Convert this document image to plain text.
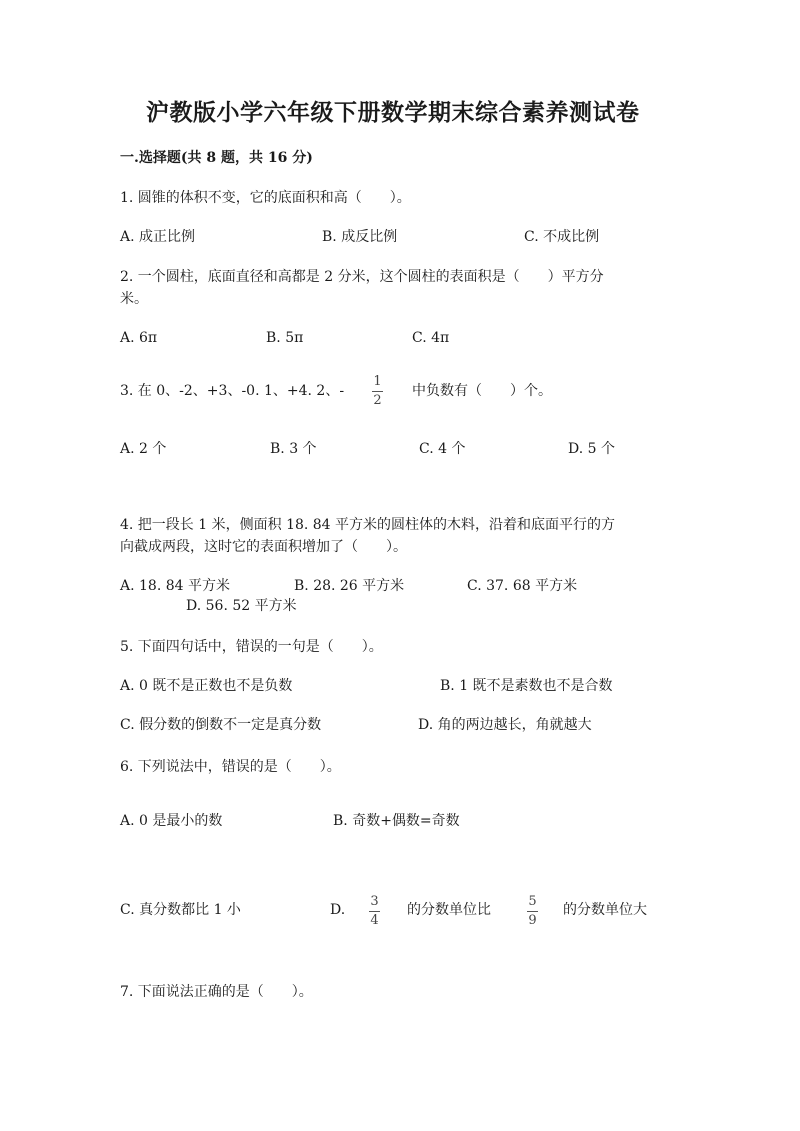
沪教版小学六年级下册数学期末综合素养测试卷
一.选择题(共 8 题，共 16 分)
1. 圆锥的体积不变，它的底面积和高（　　）。
A. 成正比例	B. 成反比例	C. 不成比例
2. 一个圆柱，底面直径和高都是 2 分米，这个圆柱的表面积是（　　）平方分
米。
A. 6π	B. 5π	C. 4π
3. 在 0、-2、+3、-0. 1、+4. 2、-
1
2
中负数有（　　）个。
A. 2 个	B. 3 个	C. 4 个	D. 5 个
4. 把一段长 1 米，侧面积 18. 84 平方米的圆柱体的木料，沿着和底面平行的方
向截成两段，这时它的表面积增加了（　　）。
A. 18. 84 平方米	B. 28. 26 平方米	C. 37. 68 平方米
D. 56. 52 平方米
5. 下面四句话中，错误的一句是（　　）。
A. 0 既不是正数也不是负数	B. 1 既不是素数也不是合数
C. 假分数的倒数不一定是真分数	D. 角的两边越长，角就越大
6. 下列说法中，错误的是（　　）。
A. 0 是最小的数	B. 奇数+偶数=奇数
C. 真分数都比 1 小	D.
3
4
的分数单位比
5
9
的分数单位大
7. 下面说法正确的是（　　）。
